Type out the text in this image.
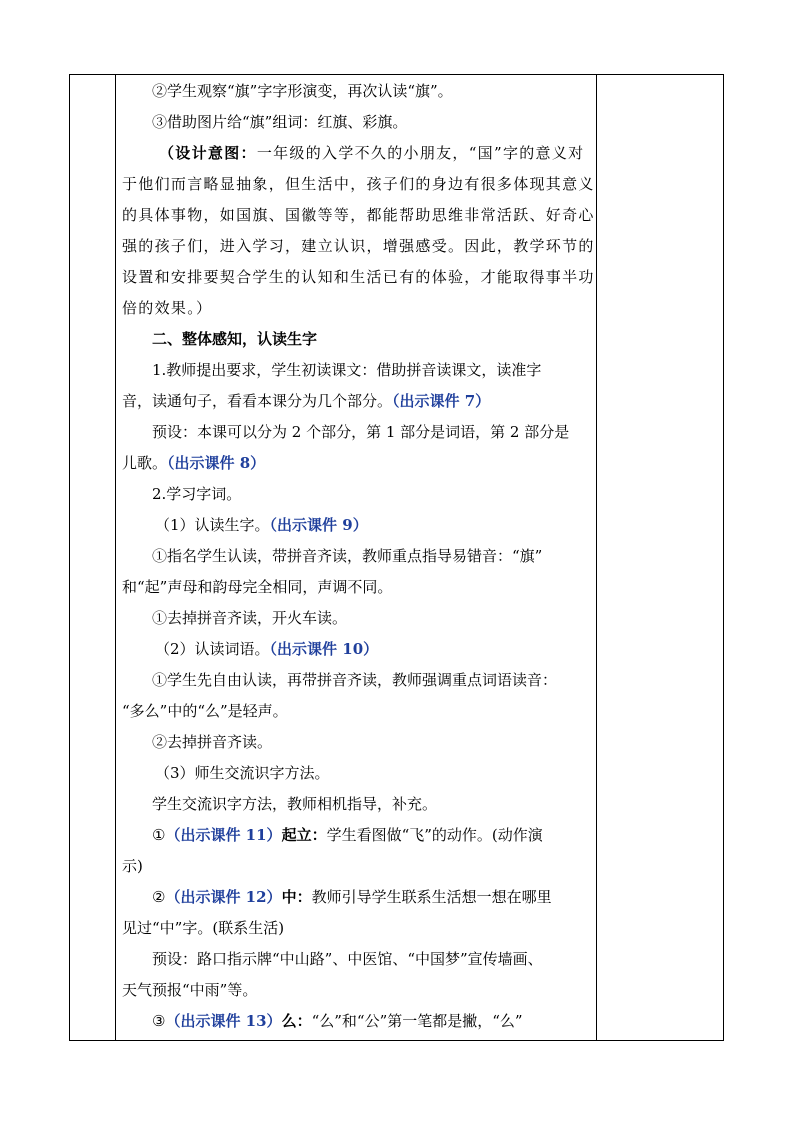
②学生观察“旗”字字形演变，再次认读“旗”。

③借助图片给“旗”组词：红旗、彩旗。

（设计意图：一年级的入学不久的小朋友，“国”字的意义对

于他们而言略显抽象，但生活中，孩子们的身边有很多体现其意义

的具体事物，如国旗、国徽等等，都能帮助思维非常活跃、好奇心

强的孩子们，进入学习，建立认识，增强感受。因此，教学环节的

设置和安排要契合学生的认知和生活已有的体验，才能取得事半功

倍的效果。）

二、整体感知，认读生字

1.教师提出要求，学生初读课文：借助拼音读课文，读准字

音，读通句子，看看本课分为几个部分。（出示课件 7）

预设：本课可以分为 2 个部分，第 1 部分是词语，第 2 部分是

儿歌。（出示课件 8）

2.学习字词。

（1）认读生字。（出示课件 9）

①指名学生认读，带拼音齐读，教师重点指导易错音：“旗”

和“起”声母和韵母完全相同，声调不同。

①去掉拼音齐读，开火车读。

（2）认读词语。（出示课件 10）

①学生先自由认读，再带拼音齐读，教师强调重点词语读音：

“多么”中的“么”是轻声。

②去掉拼音齐读。

（3）师生交流识字方法。

学生交流识字方法，教师相机指导，补充。

①（出示课件 11）起立：学生看图做“飞”的动作。(动作演

示)

②（出示课件 12）中：教师引导学生联系生活想一想在哪里

见过“中”字。(联系生活)

预设：路口指示牌“中山路”、中医馆、“中国梦”宣传墙画、

天气预报“中雨”等。

③（出示课件 13）么：“么”和“公”第一笔都是撇，“么”
